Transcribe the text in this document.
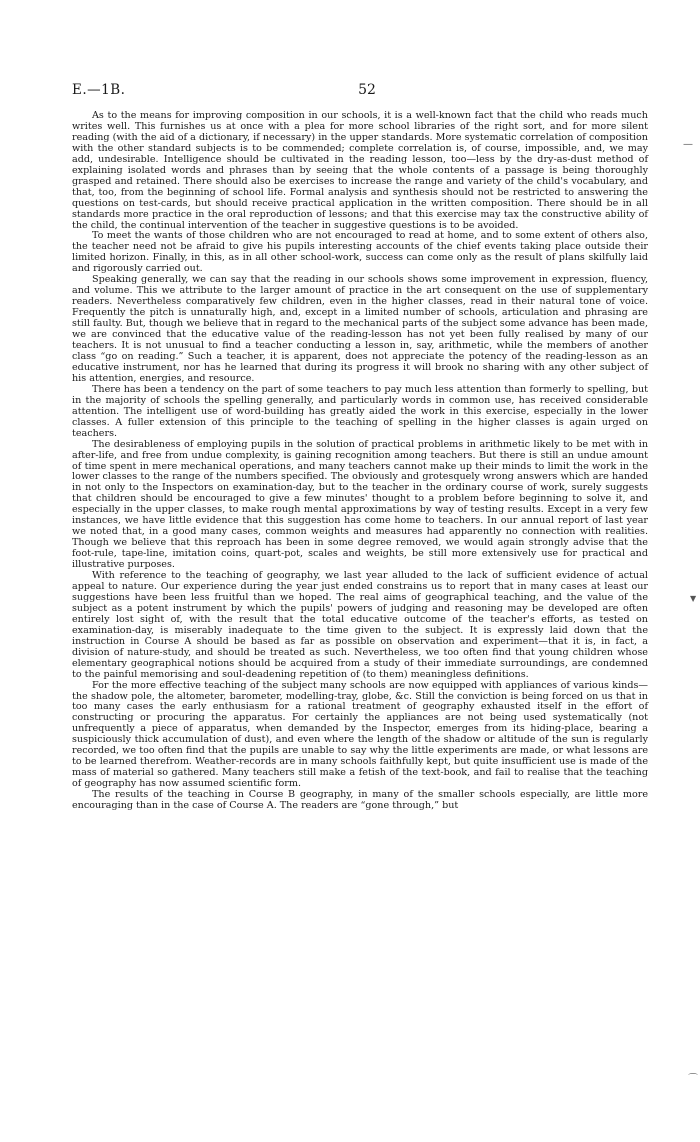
E.—1B.	52

As to the means for improving composition in our schools, it is a well-known fact that the child who reads much writes well. This furnishes us at once with a plea for more school libraries of the right sort, and for more silent reading (with the aid of a dictionary, if necessary) in the upper standards. More systematic correlation of composition with the other standard subjects is to be commended; complete correlation is, of course, impossible, and, we may add, undesirable. Intelligence should be cultivated in the reading lesson, too—less by the dry-as-dust method of explaining isolated words and phrases than by seeing that the whole contents of a passage is being thoroughly grasped and retained. There should also be exercises to increase the range and variety of the child's vocabulary, and that, too, from the beginning of school life. Formal analysis and synthesis should not be restricted to answering the questions on test-cards, but should receive practical application in the written composition. There should be in all standards more practice in the oral reproduction of lessons; and that this exercise may tax the constructive ability of the child, the continual intervention of the teacher in suggestive questions is to be avoided.

To meet the wants of those children who are not encouraged to read at home, and to some extent of others also, the teacher need not be afraid to give his pupils interesting accounts of the chief events taking place outside their limited horizon. Finally, in this, as in all other school-work, success can come only as the result of plans skilfully laid and rigorously carried out.

Speaking generally, we can say that the reading in our schools shows some improvement in expression, fluency, and volume. This we attribute to the larger amount of practice in the art consequent on the use of supplementary readers. Nevertheless comparatively few children, even in the higher classes, read in their natural tone of voice. Frequently the pitch is unnaturally high, and, except in a limited number of schools, articulation and phrasing are still faulty. But, though we believe that in regard to the mechanical parts of the subject some advance has been made, we are convinced that the educative value of the reading-lesson has not yet been fully realised by many of our teachers. It is not unusual to find a teacher conducting a lesson in, say, arithmetic, while the members of another class “go on reading.” Such a teacher, it is apparent, does not appreciate the potency of the reading-lesson as an educative instrument, nor has he learned that during its progress it will brook no sharing with any other subject of his attention, energies, and resource.

There has been a tendency on the part of some teachers to pay much less attention than formerly to spelling, but in the majority of schools the spelling generally, and particularly words in common use, has received considerable attention. The intelligent use of word-building has greatly aided the work in this exercise, especially in the lower classes. A fuller extension of this principle to the teaching of spelling in the higher classes is again urged on teachers.

The desirableness of employing pupils in the solution of practical problems in arithmetic likely to be met with in after-life, and free from undue complexity, is gaining recognition among teachers. But there is still an undue amount of time spent in mere mechanical operations, and many teachers cannot make up their minds to limit the work in the lower classes to the range of the numbers specified. The obviously and grotesquely wrong answers which are handed in not only to the Inspectors on examination-day, but to the teacher in the ordinary course of work, surely suggests that children should be encouraged to give a few minutes' thought to a problem before beginning to solve it, and especially in the upper classes, to make rough mental approximations by way of testing results. Except in a very few instances, we have little evidence that this suggestion has come home to teachers. In our annual report of last year we noted that, in a good many cases, common weights and measures had apparently no connection with realities. Though we believe that this reproach has been in some degree removed, we would again strongly advise that the foot-rule, tape-line, imitation coins, quart-pot, scales and weights, be still more extensively use for practical and illustrative purposes.

With reference to the teaching of geography, we last year alluded to the lack of sufficient evidence of actual appeal to nature. Our experience during the year just ended constrains us to report that in many cases at least our suggestions have been less fruitful than we hoped. The real aims of geographical teaching, and the value of the subject as a potent instrument by which the pupils' powers of judging and reasoning may be developed are often entirely lost sight of, with the result that the total educative outcome of the teacher's efforts, as tested on examination-day, is miserably inadequate to the time given to the subject. It is expressly laid down that the instruction in Course A should be based as far as possible on observation and experiment—that it is, in fact, a division of nature-study, and should be treated as such. Nevertheless, we too often find that young children whose elementary geographical notions should be acquired from a study of their immediate surroundings, are condemned to the painful memorising and soul-deadening repetition of (to them) meaningless definitions.

For the more effective teaching of the subject many schools are now equipped with appliances of various kinds—the shadow pole, the altometer, barometer, modelling-tray, globe, &c. Still the conviction is being forced on us that in too many cases the early enthusiasm for a rational treatment of geography exhausted itself in the effort of constructing or procuring the apparatus. For certainly the appliances are not being used systematically (not unfrequently a piece of apparatus, when demanded by the Inspector, emerges from its hiding-place, bearing a suspiciously thick accumulation of dust), and even where the length of the shadow or altitude of the sun is regularly recorded, we too often find that the pupils are unable to say why the little experiments are made, or what lessons are to be learned therefrom. Weather-records are in many schools faithfully kept, but quite insufficient use is made of the mass of material so gathered. Many teachers still make a fetish of the text-book, and fail to realise that the teaching of geography has now assumed scientific form.

The results of the teaching in Course B geography, in many of the smaller schools especially, are little more encouraging than in the case of Course A. The readers are “gone through,” but

—
▼
⌒
